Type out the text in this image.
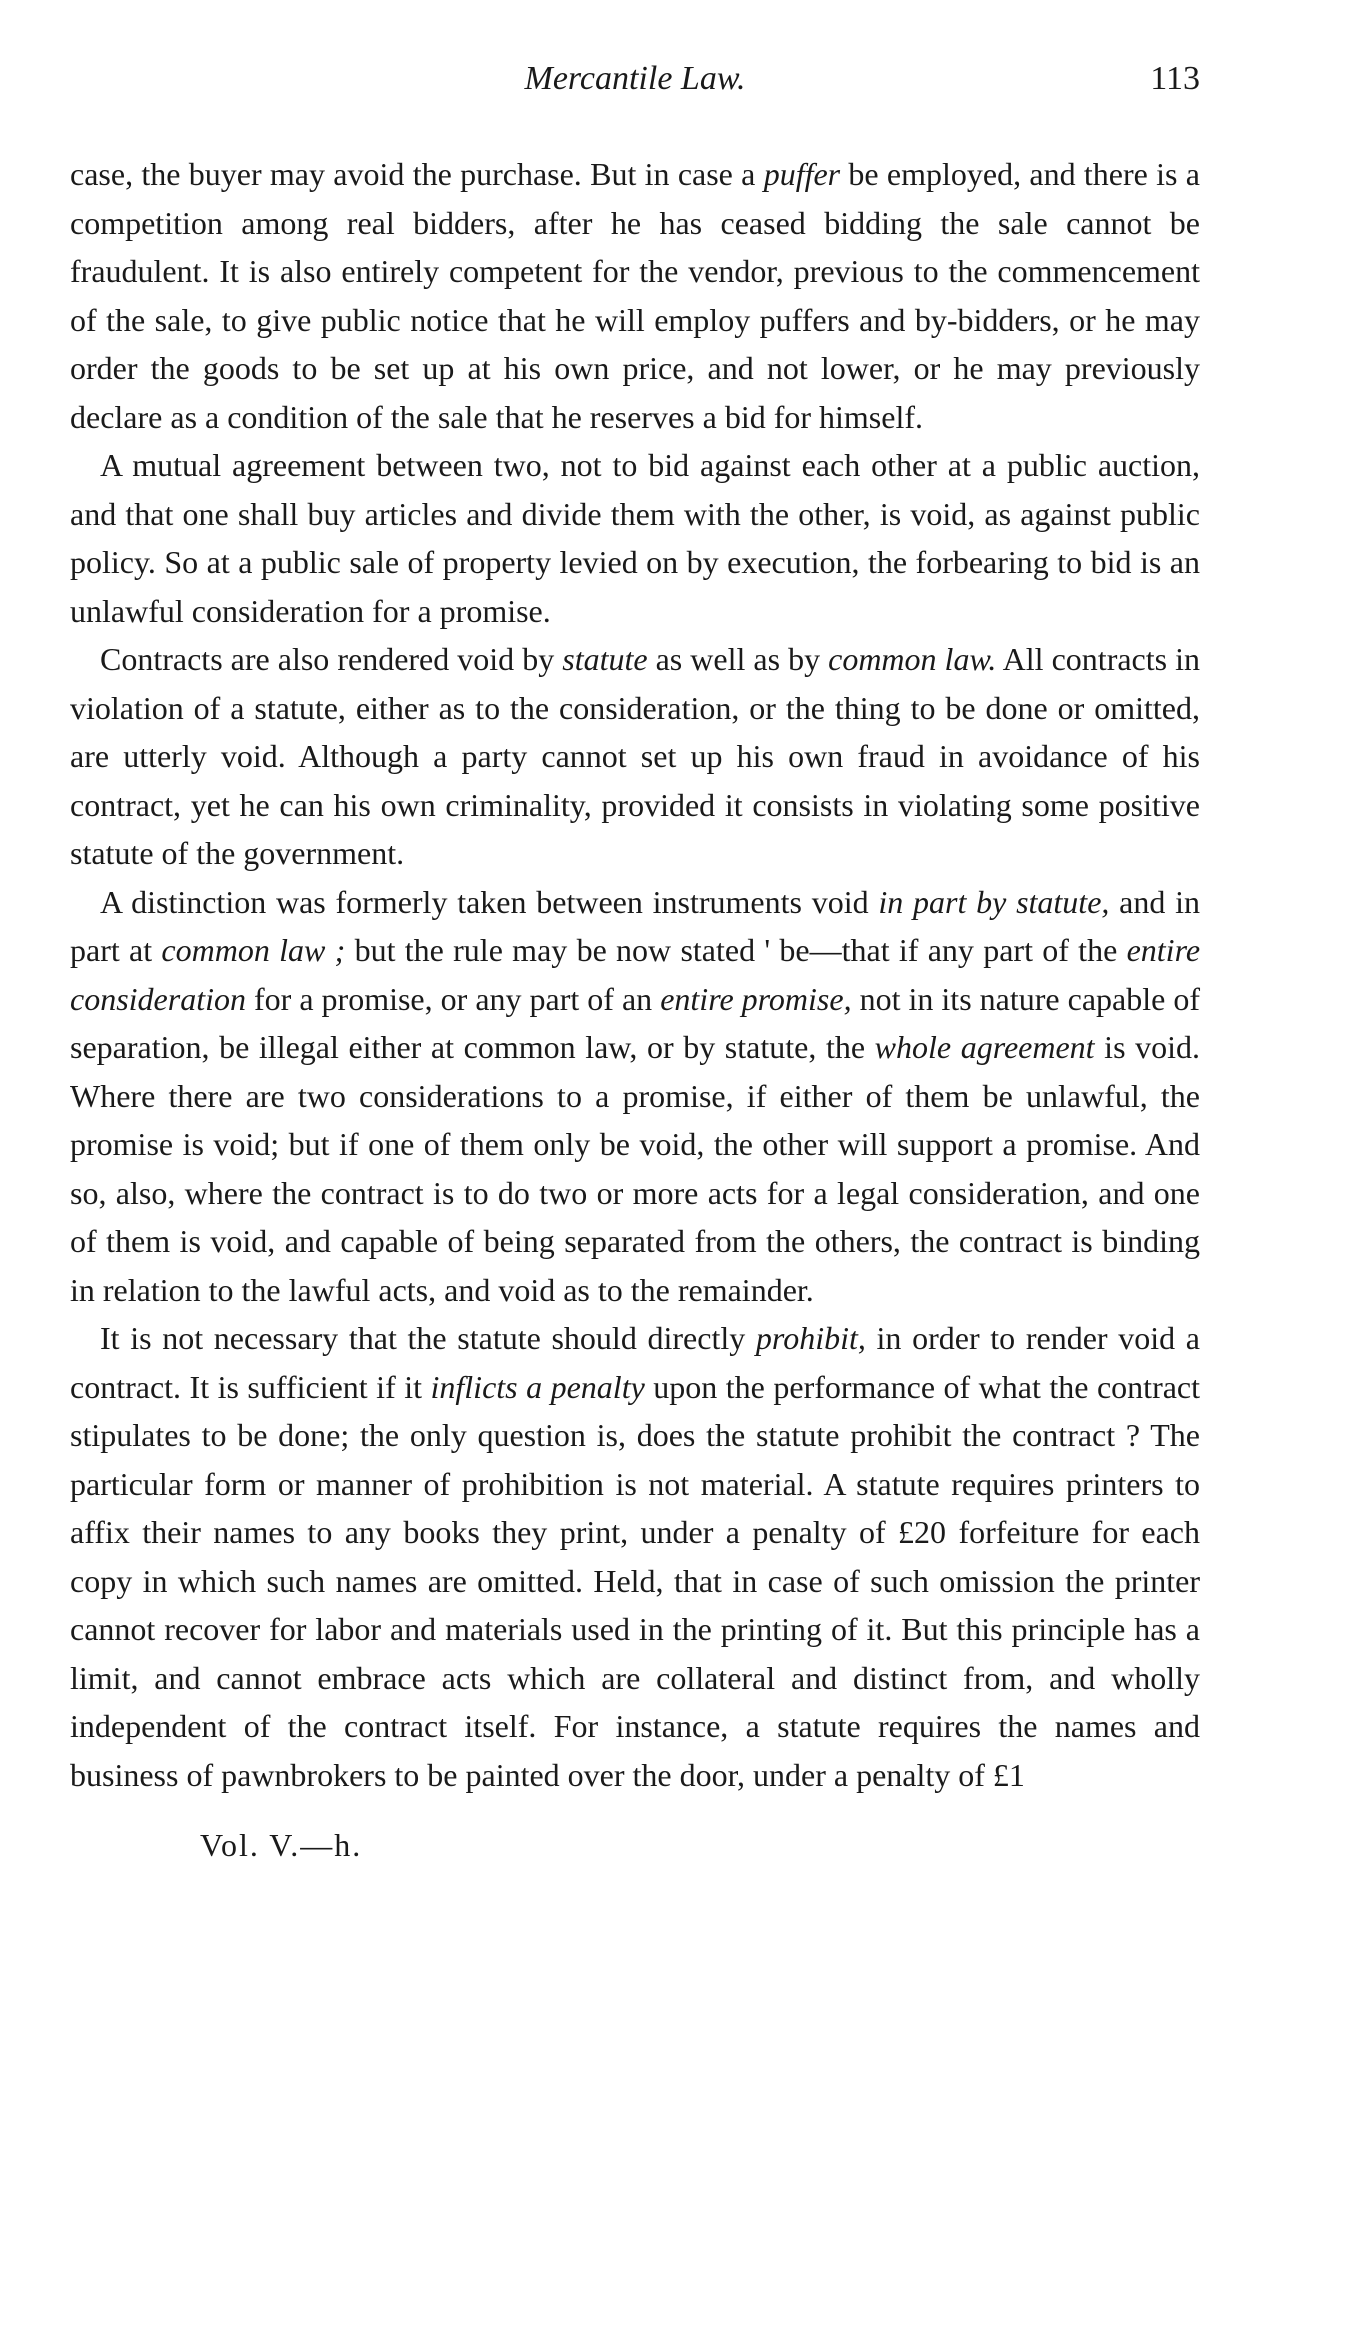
Mercantile Law.	113

case, the buyer may avoid the purchase. But in case a puffer be employed, and there is a competition among real bidders, after he has ceased bidding the sale cannot be fraudulent. It is also entirely competent for the vendor, previous to the commencement of the sale, to give public notice that he will employ puffers and by-bidders, or he may order the goods to be set up at his own price, and not lower, or he may previously declare as a condition of the sale that he reserves a bid for himself.

A mutual agreement between two, not to bid against each other at a public auction, and that one shall buy articles and divide them with the other, is void, as against public policy. So at a public sale of property levied on by execution, the forbearing to bid is an unlawful consideration for a promise.

Contracts are also rendered void by statute as well as by common law. All contracts in violation of a statute, either as to the consideration, or the thing to be done or omitted, are utterly void. Although a party cannot set up his own fraud in avoidance of his contract, yet he can his own criminality, provided it consists in violating some positive statute of the government.

A distinction was formerly taken between instruments void in part by statute, and in part at common law ; but the rule may be now stated ' be—that if any part of the entire consideration for a promise, or any part of an entire promise, not in its nature capable of separation, be illegal either at common law, or by statute, the whole agreement is void. Where there are two considerations to a promise, if either of them be unlawful, the promise is void; but if one of them only be void, the other will support a promise. And so, also, where the contract is to do two or more acts for a legal consideration, and one of them is void, and capable of being separated from the others, the contract is binding in relation to the lawful acts, and void as to the remainder.

It is not necessary that the statute should directly prohibit, in order to render void a contract. It is sufficient if it inflicts a penalty upon the performance of what the contract stipulates to be done; the only question is, does the statute prohibit the contract ? The particular form or manner of prohibition is not material. A statute requires printers to affix their names to any books they print, under a penalty of £20 forfeiture for each copy in which such names are omitted. Held, that in case of such omission the printer cannot recover for labor and materials used in the printing of it. But this principle has a limit, and cannot embrace acts which are collateral and distinct from, and wholly independent of the contract itself. For instance, a statute requires the names and business of pawnbrokers to be painted over the door, under a penalty of £1

Vol. V.—h.
